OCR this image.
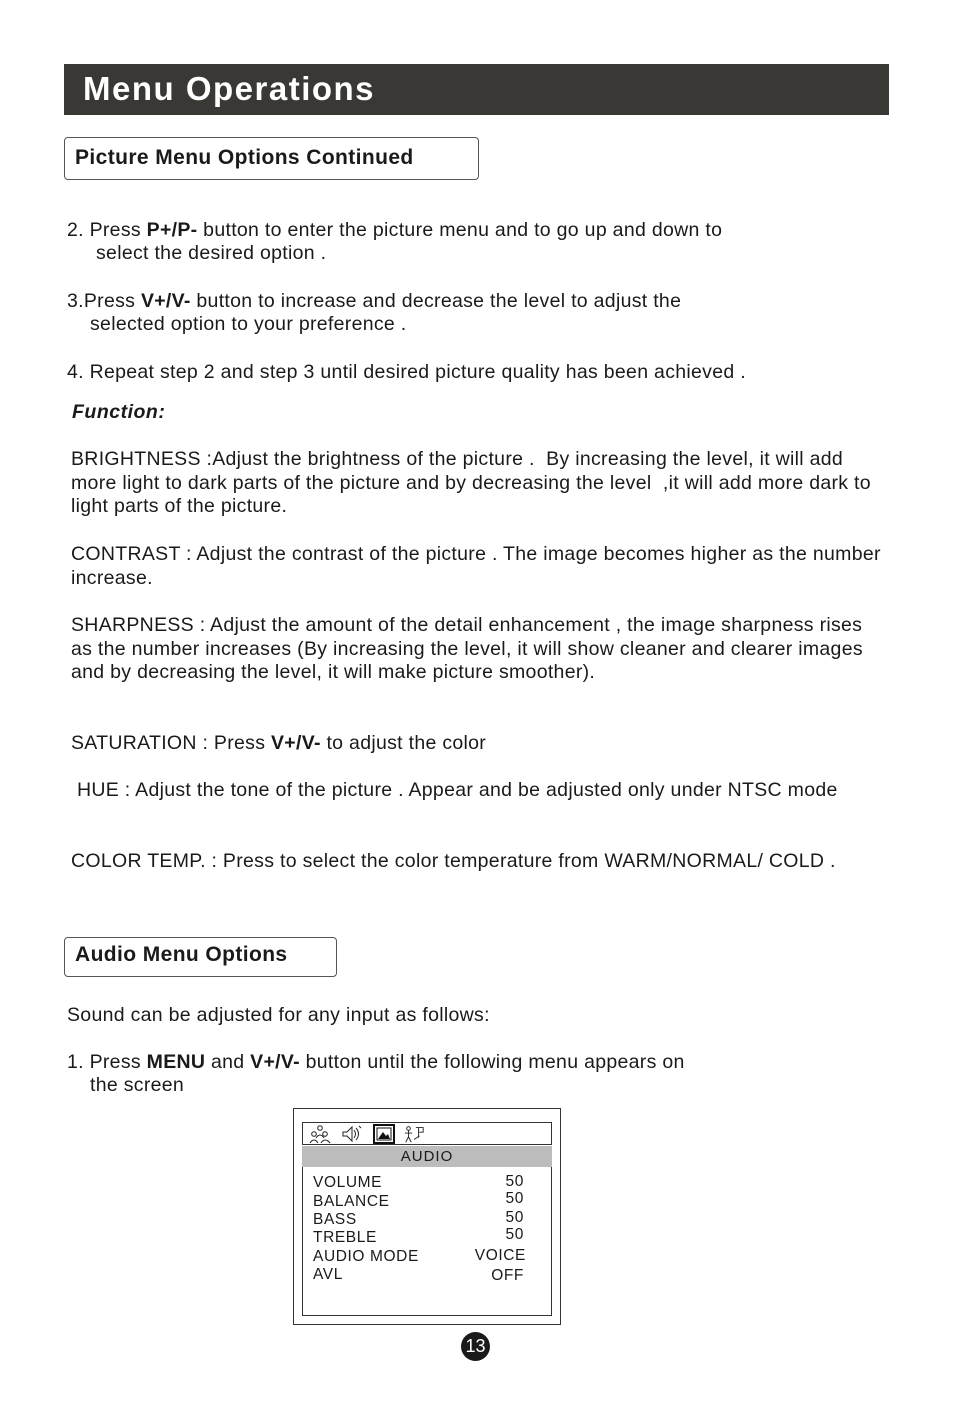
Menu Operations
Picture Menu Options Continued

2. Press P+/P- button to enter the picture menu and to go up and down to

select the desired option .

3.Press V+/V- button to increase and decrease the level to adjust the

selected option to your preference .

4. Repeat step 2 and step 3 until desired picture quality has been achieved .

Function:

BRIGHTNESS :Adjust the brightness of the picture .  By increasing the level, it will add more light to dark parts of the picture and by decreasing the level  ,it will add more dark to light parts of the picture.

CONTRAST : Adjust the contrast of the picture . The image becomes higher as the number increase.

SHARPNESS : Adjust the amount of the detail enhancement , the image sharpness rises as the number increases (By increasing the level, it will show cleaner and clearer images and by decreasing the level, it will make picture smoother).

SATURATION : Press V+/V- to adjust the color

HUE : Adjust the tone of the picture . Appear and be adjusted only under NTSC mode

COLOR TEMP. : Press to select the color temperature from WARM/NORMAL/ COLD .

Audio Menu Options

Sound can be adjusted for any input as follows:

1. Press MENU and V+/V- button until the following menu appears on

the screen

AUDIO
VOLUME	50
BALANCE	50
BASS	50
TREBLE	50
AUDIO MODE	VOICE
AVL	OFF
13
